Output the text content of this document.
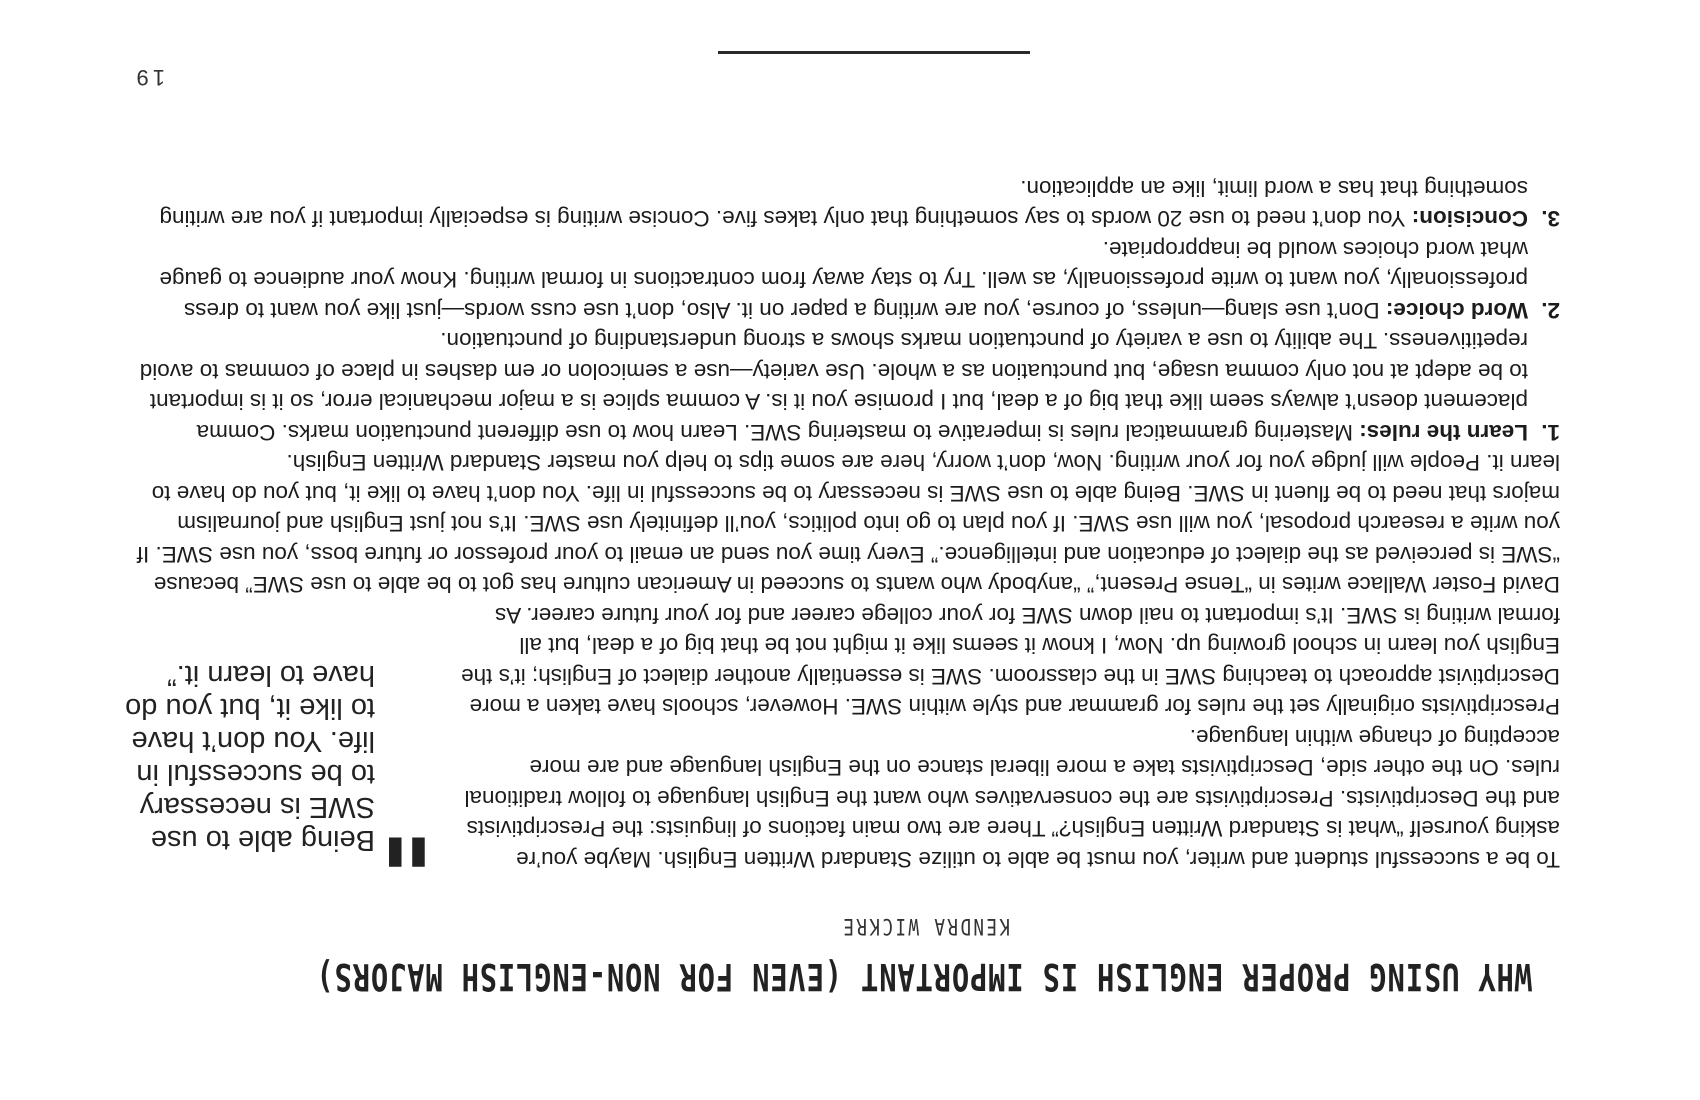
WHY USING PROPER ENGLISH IS IMPORTANT (EVEN FOR NON-ENGLISH MAJORS)
KENDRA WICKRE
"
Being able to use SWE is necessary to be successful in life. You don’t have to like it, but you do have to learn it.”

To be a successful student and writer, you must be able to utilize Standard Written English. Maybe you’re asking yourself “what is Standard Written English?” There are two main factions of linguists: the Prescriptivists and the Descriptivists. Prescriptivists are the conservatives who want the English language to follow traditional rules. On the other side, Descriptivists take a more liberal stance on the English language and are more accepting of change within language.

Prescriptivists originally set the rules for grammar and style within SWE. However, schools have taken a more Descriptivist approach to teaching SWE in the classroom. SWE is essentially another dialect of English; it’s the English you learn in school growing up. Now, I know it seems like it might not be that big of a deal, but all formal writing is SWE. It’s important to nail down SWE for your college career and for your future career. As David Foster Wallace writes in “Tense Present,” “anybody who wants to succeed in American culture has got to be able to use SWE” because “SWE is perceived as the dialect of education and intelligence.” Every time you send an email to your professor or future boss, you use SWE. If you write a research proposal, you will use SWE. If you plan to go into politics, you’ll definitely use SWE. It’s not just English and journalism majors that need to be fluent in SWE. Being able to use SWE is necessary to be successful in life. You don’t have to like it, but you do have to learn it. People will judge you for your writing. Now, don’t worry, here are some tips to help you master Standard Written English.

1.
Learn the rules: Mastering grammatical rules is imperative to mastering SWE. Learn how to use different punctuation marks. Comma placement doesn’t always seem like that big of a deal, but I promise you it is. A comma splice is a major mechanical error, so it is important to be adept at not only comma usage, but punctuation as a whole. Use variety—use a semicolon or em dashes in place of commas to avoid repetitiveness. The ability to use a variety of punctuation marks shows a strong understanding of punctuation.
2.
Word choice: Don’t use slang—unless, of course, you are writing a paper on it. Also, don’t use cuss words—just like you want to dress professionally, you want to write professionally, as well. Try to stay away from contractions in formal writing. Know your audience to gauge what word choices would be inappropriate.
3.
Concision: You don’t need to use 20 words to say something that only takes five. Concise writing is especially important if you are writing something that has a word limit, like an application.
19
